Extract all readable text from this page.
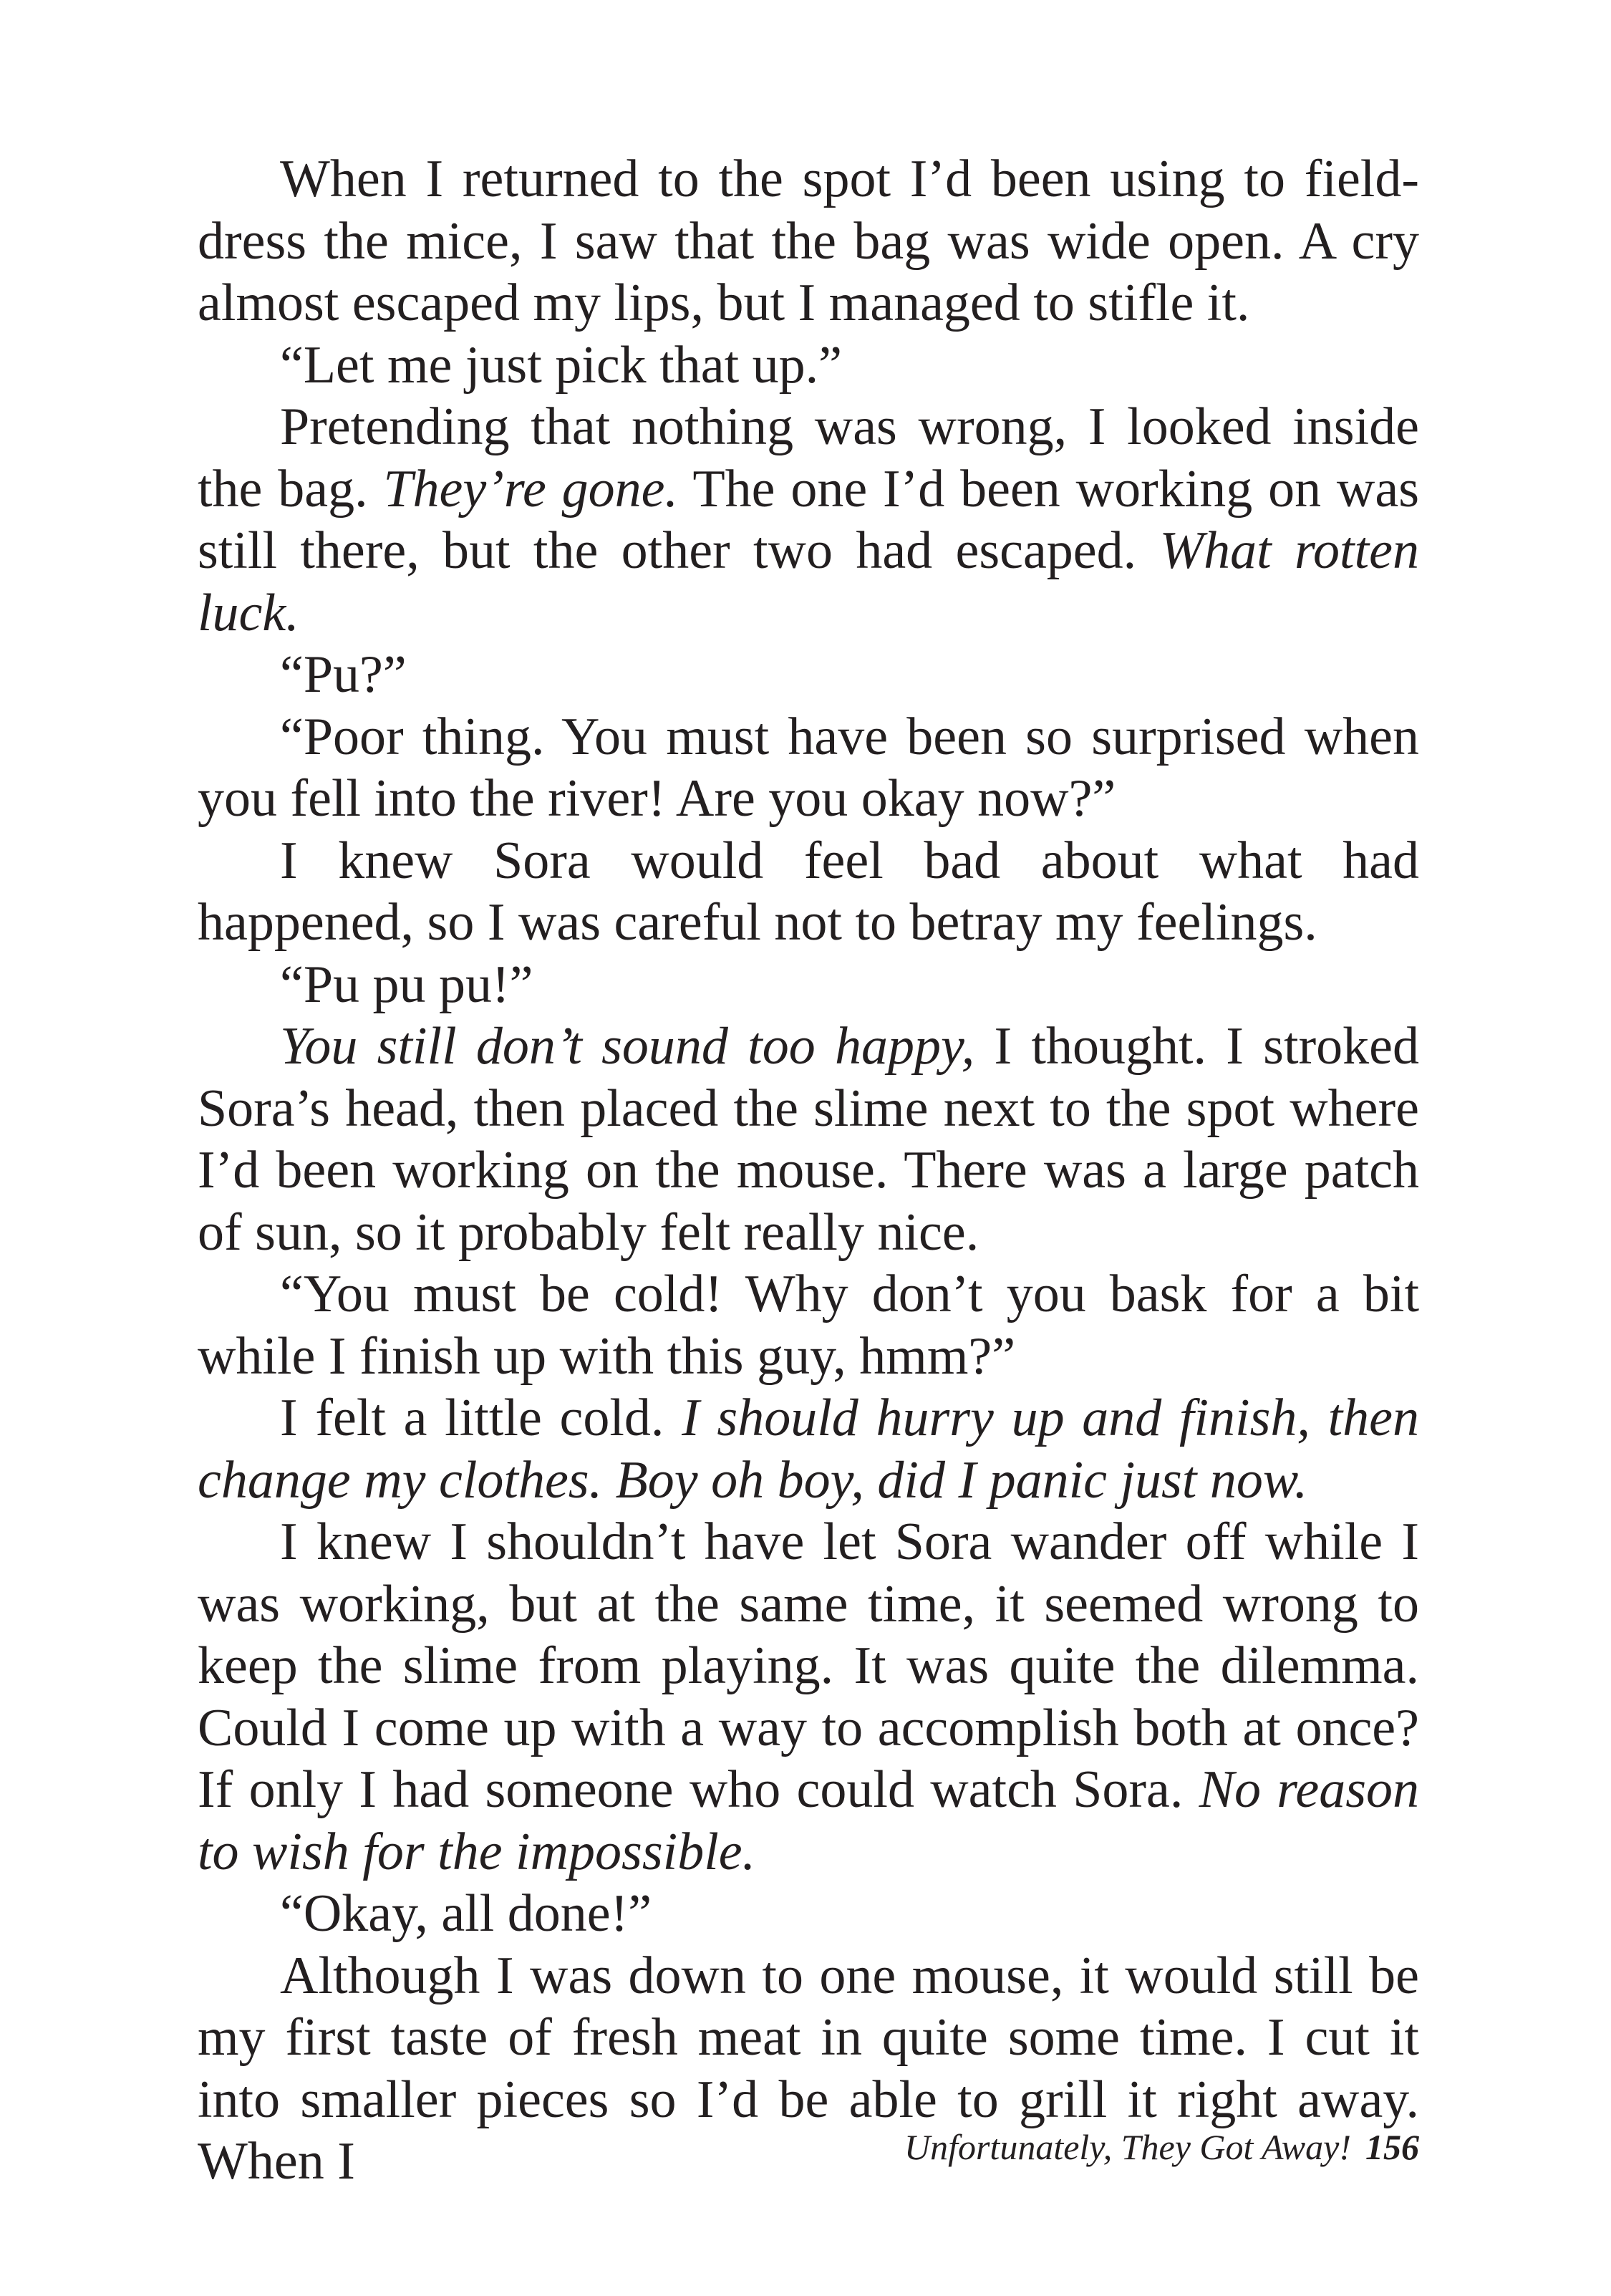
When I returned to the spot I’d been using to field-dress the mice, I saw that the bag was wide open. A cry almost escaped my lips, but I managed to stifle it.

“Let me just pick that up.”

Pretending that nothing was wrong, I looked inside the bag. They’re gone. The one I’d been working on was still there, but the other two had escaped. What rotten luck.

“Pu?”

“Poor thing. You must have been so surprised when you fell into the river! Are you okay now?”

I knew Sora would feel bad about what had happened, so I was careful not to betray my feelings.

“Pu pu pu!”

You still don’t sound too happy, I thought. I stroked Sora’s head, then placed the slime next to the spot where I’d been working on the mouse. There was a large patch of sun, so it probably felt really nice.

“You must be cold! Why don’t you bask for a bit while I finish up with this guy, hmm?”

I felt a little cold. I should hurry up and finish, then change my clothes. Boy oh boy, did I panic just now.

I knew I shouldn’t have let Sora wander off while I was working, but at the same time, it seemed wrong to keep the slime from playing. It was quite the dilemma. Could I come up with a way to accomplish both at once? If only I had someone who could watch Sora. No reason to wish for the impossible.

“Okay, all done!”

Although I was down to one mouse, it would still be my first taste of fresh meat in quite some time. I cut it into smaller pieces so I’d be able to grill it right away. When I	Unfortunately, They Got Away! 156
